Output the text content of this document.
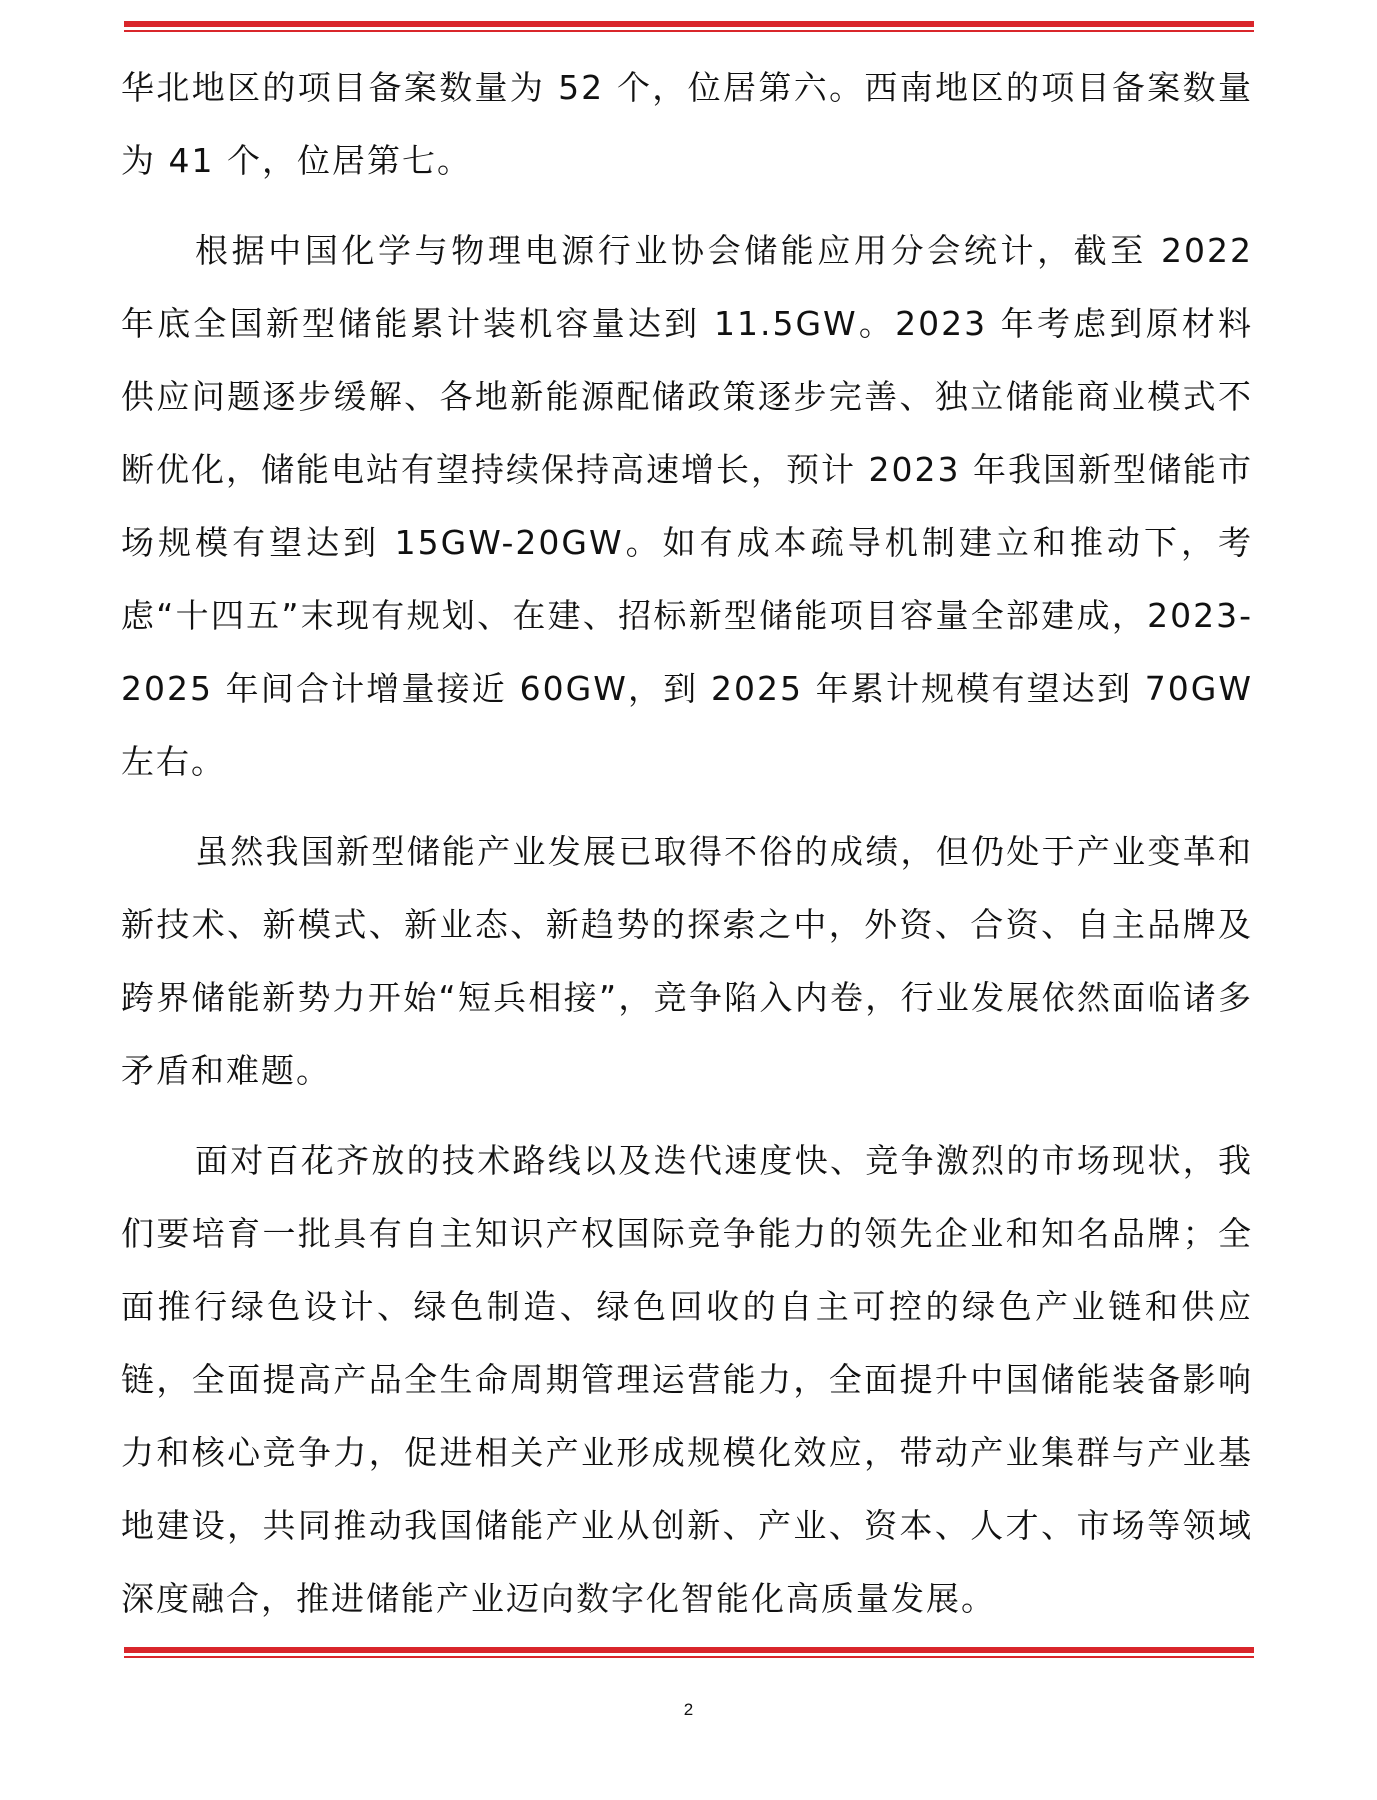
华北地区的项目备案数量为 52 个，位居第六。西南地区的项目备案数量为 41 个，位居第七。

根据中国化学与物理电源行业协会储能应用分会统计，截至 2022 年底全国新型储能累计装机容量达到 11.5GW。2023 年考虑到原材料供应问题逐步缓解、各地新能源配储政策逐步完善、独立储能商业模式不断优化，储能电站有望持续保持高速增长，预计 2023 年我国新型储能市场规模有望达到 15GW-20GW。如有成本疏导机制建立和推动下，考虑“十四五”末现有规划、在建、招标新型储能项目容量全部建成，2023-2025 年间合计增量接近 60GW，到 2025 年累计规模有望达到 70GW 左右。

虽然我国新型储能产业发展已取得不俗的成绩，但仍处于产业变革和新技术、新模式、新业态、新趋势的探索之中，外资、合资、自主品牌及跨界储能新势力开始“短兵相接”，竞争陷入内卷，行业发展依然面临诸多矛盾和难题。

面对百花齐放的技术路线以及迭代速度快、竞争激烈的市场现状，我们要培育一批具有自主知识产权国际竞争能力的领先企业和知名品牌；全面推行绿色设计、绿色制造、绿色回收的自主可控的绿色产业链和供应链，全面提高产品全生命周期管理运营能力，全面提升中国储能装备影响力和核心竞争力，促进相关产业形成规模化效应，带动产业集群与产业基地建设，共同推动我国储能产业从创新、产业、资本、人才、市场等领域深度融合，推进储能产业迈向数字化智能化高质量发展。

2
